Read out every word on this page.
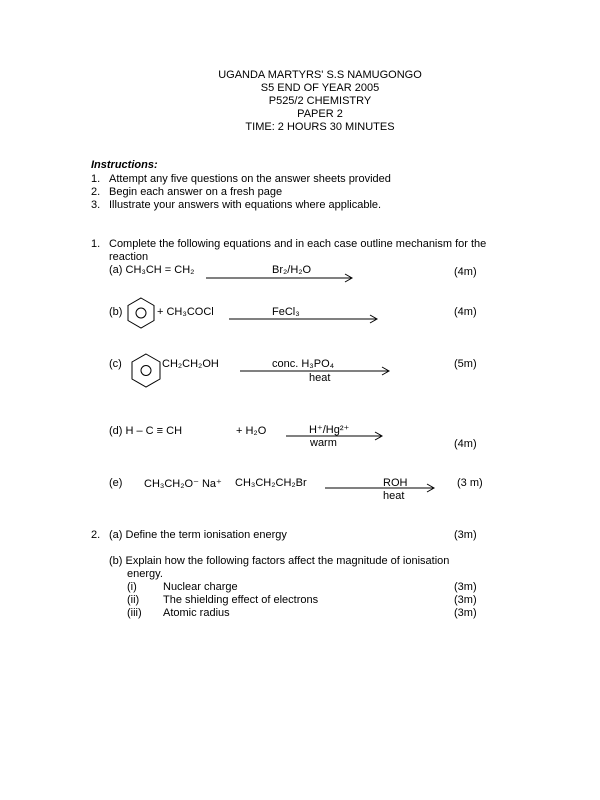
UGANDA MARTYRS' S.S NAMUGONGO
S5 END OF YEAR 2005
P525/2 CHEMISTRY
PAPER 2
TIME: 2 HOURS 30 MINUTES
Instructions:
1. Attempt any five questions on the answer sheets provided
2. Begin each answer on a fresh page
3. Illustrate your answers with equations where applicable.
1. Complete the following equations and in each case outline mechanism for the
reaction
(a) CH₃CH = CH₂	Br₂/H₂O	(4m)
(b)	+ CH₃COCl	FeCl₃	(4m)
(c)	CH₂CH₂OH	conc. H₃PO₄
heat
(5m)
(d) H – C ≡ CH	+ H₂O	H⁺/Hg²⁺
warm	(4m)
(e) CH₃CH₂O⁻ Na⁺ CH₃CH₂CH₂Br	ROH
heat
(3 m)
2. (a) Define the term ionisation energy	(3m)
(b) Explain how the following factors affect the magnitude of ionisation
energy.
(i) Nuclear charge	(3m)
(ii) The shielding effect of electrons	(3m)
(iii) Atomic radius	(3m)
